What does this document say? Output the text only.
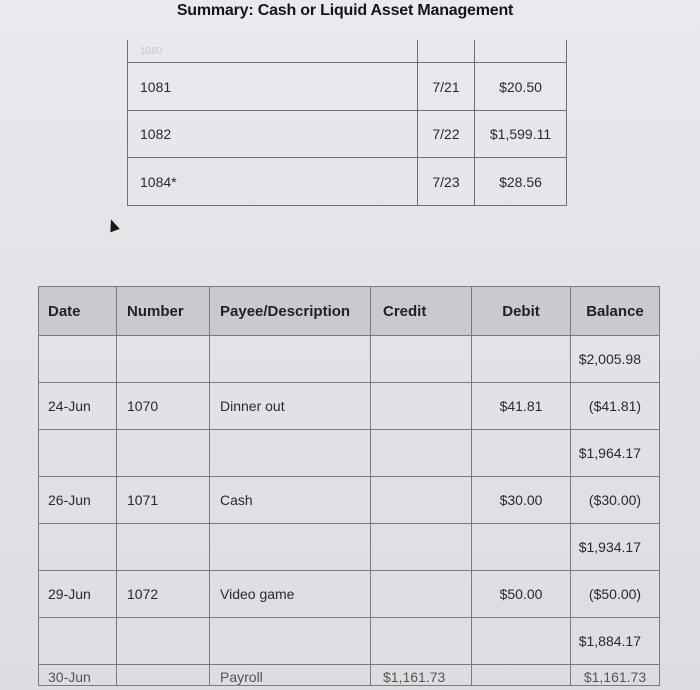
Summary: Cash or Liquid Asset Management
1080		
1081	7/21	$20.50
1082	7/22	$1,599.11
1084*	7/23	$28.56
Date	Number	Payee/Description	Credit	Debit	Balance
					$2,005.98
24-Jun	1070	Dinner out		$41.81	($41.81)
					$1,964.17
26-Jun	1071	Cash		$30.00	($30.00)
					$1,934.17
29-Jun	1072	Video game		$50.00	($50.00)
					$1,884.17
30-Jun		Payroll	$1,161.73		$1,161.73
